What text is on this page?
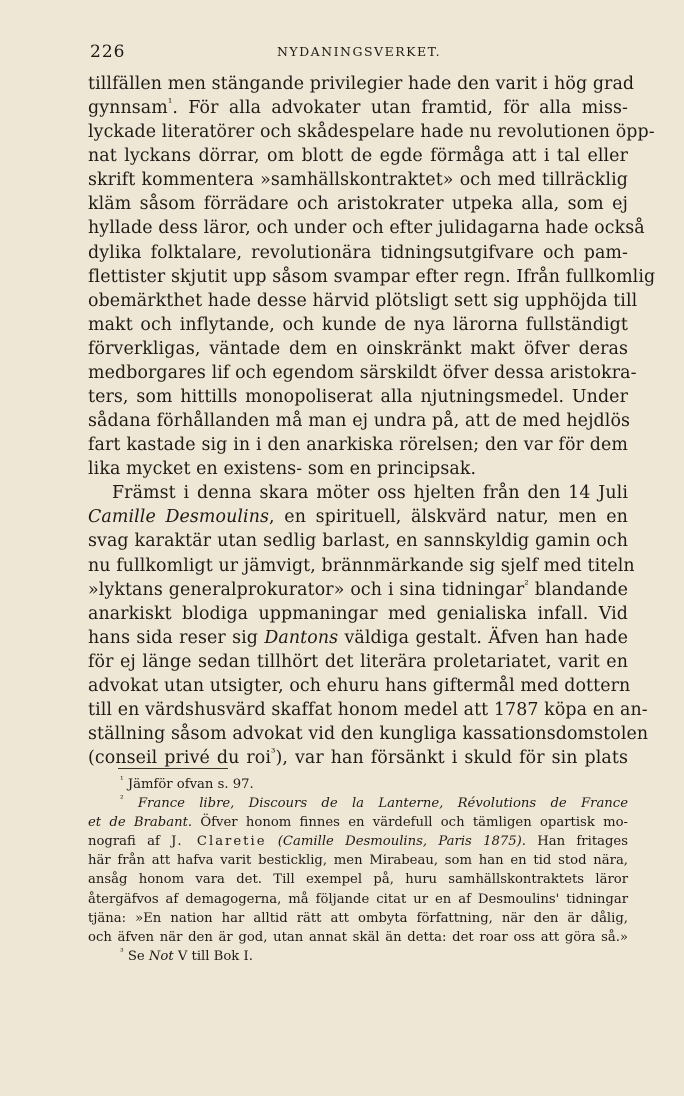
226	NYDANINGSVERKET.
tillfällen men stängande privilegier hade den varit i hög grad
gynnsam$^{^1}$. För alla advokater utan framtid, för alla miss-
lyckade literatörer och skådespelare hade nu revolutionen öpp-
nat lyckans dörrar, om blott de egde förmåga att i tal eller
skrift kommentera »samhällskontraktet» och med tillräcklig
kläm såsom förrädare och aristokrater utpeka alla, som ej
hyllade dess läror, och under och efter julidagarna hade också
dylika folktalare, revolutionära tidningsutgifvare och pam-
flettister skjutit upp såsom svampar efter regn. Ifrån fullkomlig
obemärkthet hade desse härvid plötsligt sett sig upphöjda till
makt och inflytande, och kunde de nya lärorna fullständigt
förverkligas, väntade dem en oinskränkt makt öfver deras
medborgares lif och egendom särskildt öfver dessa aristokra-
ters, som hittills monopoliserat alla njutningsmedel. Under
sådana förhållanden må man ej undra på, att de med hejdlös
fart kastade sig in i den anarkiska rörelsen; den var för dem
lika mycket en existens- som en principsak.
Främst i denna skara möter oss hjelten från den 14 Juli
Camille Desmoulins, en spirituell, älskvärd natur, men en
svag karaktär utan sedlig barlast, en sannskyldig gamin och
nu fullkomligt ur jämvigt, brännmärkande sig sjelf med titeln
»lyktans generalprokurator» och i sina tidningar$^{^2}$ blandande
anarkiskt blodiga uppmaningar med genialiska infall. Vid
hans sida reser sig Dantons väldiga gestalt. Äfven han hade
för ej länge sedan tillhört det literära proletariatet, varit en
advokat utan utsigter, och ehuru hans giftermål med dottern
till en värdshusvärd skaffat honom medel att 1787 köpa en an-
ställning såsom advokat vid den kungliga kassationsdomstolen
(conseil privé du roi$^{^3}$), var han försänkt i skuld för sin plats
$^{^1}$ Jämför ofvan s. 97.
$^{^2}$ France libre, Discours de la Lanterne, Révolutions de France
et de Brabant. Öfver honom finnes en värdefull och tämligen opartisk mo-
nografi af J. Claretie (Camille Desmoulins, Paris 1875). Han fritages
här från att hafva varit besticklig, men Mirabeau, som han en tid stod nära,
ansåg honom vara det. Till exempel på, huru samhällskontraktets läror
återgäfvos af demagogerna, må följande citat ur en af Desmoulins' tidningar
tjäna: »En nation har alltid rätt att ombyta författning, när den är dålig,
och äfven när den är god, utan annat skäl än detta: det roar oss att göra så.»
$^{^3}$ Se Not V till Bok I.
